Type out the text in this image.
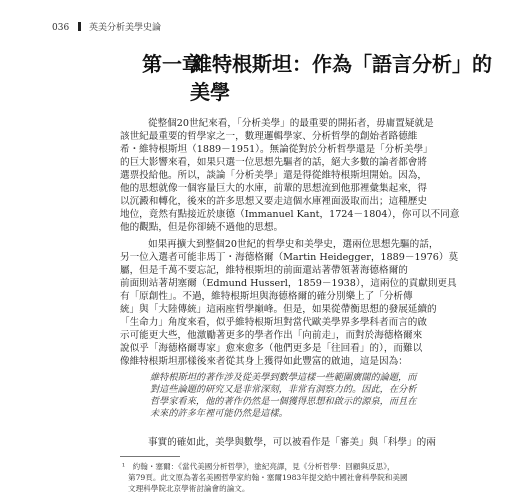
036 英美分析美學史論
第一章
維特根斯坦：作為「語言分析」的
美學
從整個20世紀來看，「分析美學」的最重要的開拓者，毋庸置疑就是
該世紀最重要的哲學家之一，數理邏輯學家、分析哲學的創始者路德維
希・維特根斯坦（1889－1951）。無論從對於分析哲學還是「分析美學」
的巨大影響來看，如果只選一位思想先驅者的話，絕大多數的論者都會將
選票投給他。所以，談論「分析美學」還是得從維特根斯坦開始。因為，
他的思想就像一個容量巨大的水庫，前輩的思想流到他那裡彙集起來，得
以沉澱和轉化，後來的許多思想又要走這個水庫裡面汲取而出；這種歷史
地位，竟然有點接近於康德（Immanuel Kant，1724－1804），你可以不同意
他的觀點，但是你卻繞不過他的思想。
如果再擴大到整個20世紀的哲學史和美學史，選兩位思想先驅的話，
另一位入選者可能非馬丁・海德格爾（Martin Heidegger，1889－1976）莫
屬，但是千萬不要忘記，維特根斯坦的前面還站著帶領著海德格爾的
前面則站著胡塞爾（Edmund Husserl，1859－1938），這兩位的貢獻則更具
有「原創性」。不過，維特根斯坦與海德格爾的確分別樂上了「分析傳
統」與「大陸傳統」這兩座哲學巔峰。但是，如果從帶衡思想的發展延續的
「生命力」角度來看，似乎維特根斯坦對當代歐美學界多學科者而言的啟
示可能更大些，他激勵著更多的學者作出「向前走」，而對於海德格爾來
說似乎「海德格爾專家」愈來愈多（他們更多是「往回看」的），而難以
像維特根斯坦那樣後來者從其身上獲得如此豐富的啟迪，這是因為：
維特根斯坦的著作涉及從美學到數學這樣一些範圍廣闊的論題，而
對這些論題的研究又是非常深刻，非常有洞察力的。因此，在分析
哲學家看來，他的著作仍然是一個獲得思想和啟示的源泉，而且在
未來的許多年裡可能仍然是這樣。
事實的確如此，美學與數學，可以被看作是「審美」與「科學」的兩
¹　約翰・塞爾：《當代美國分析哲學》，塗紀亮譯，見《分析哲學：回顧與反思》，
第79頁。此文原為著名美國哲學家約翰・塞爾1983年提交給中國社會科學院和美國
文理科學院北京學術討論會的論文。
